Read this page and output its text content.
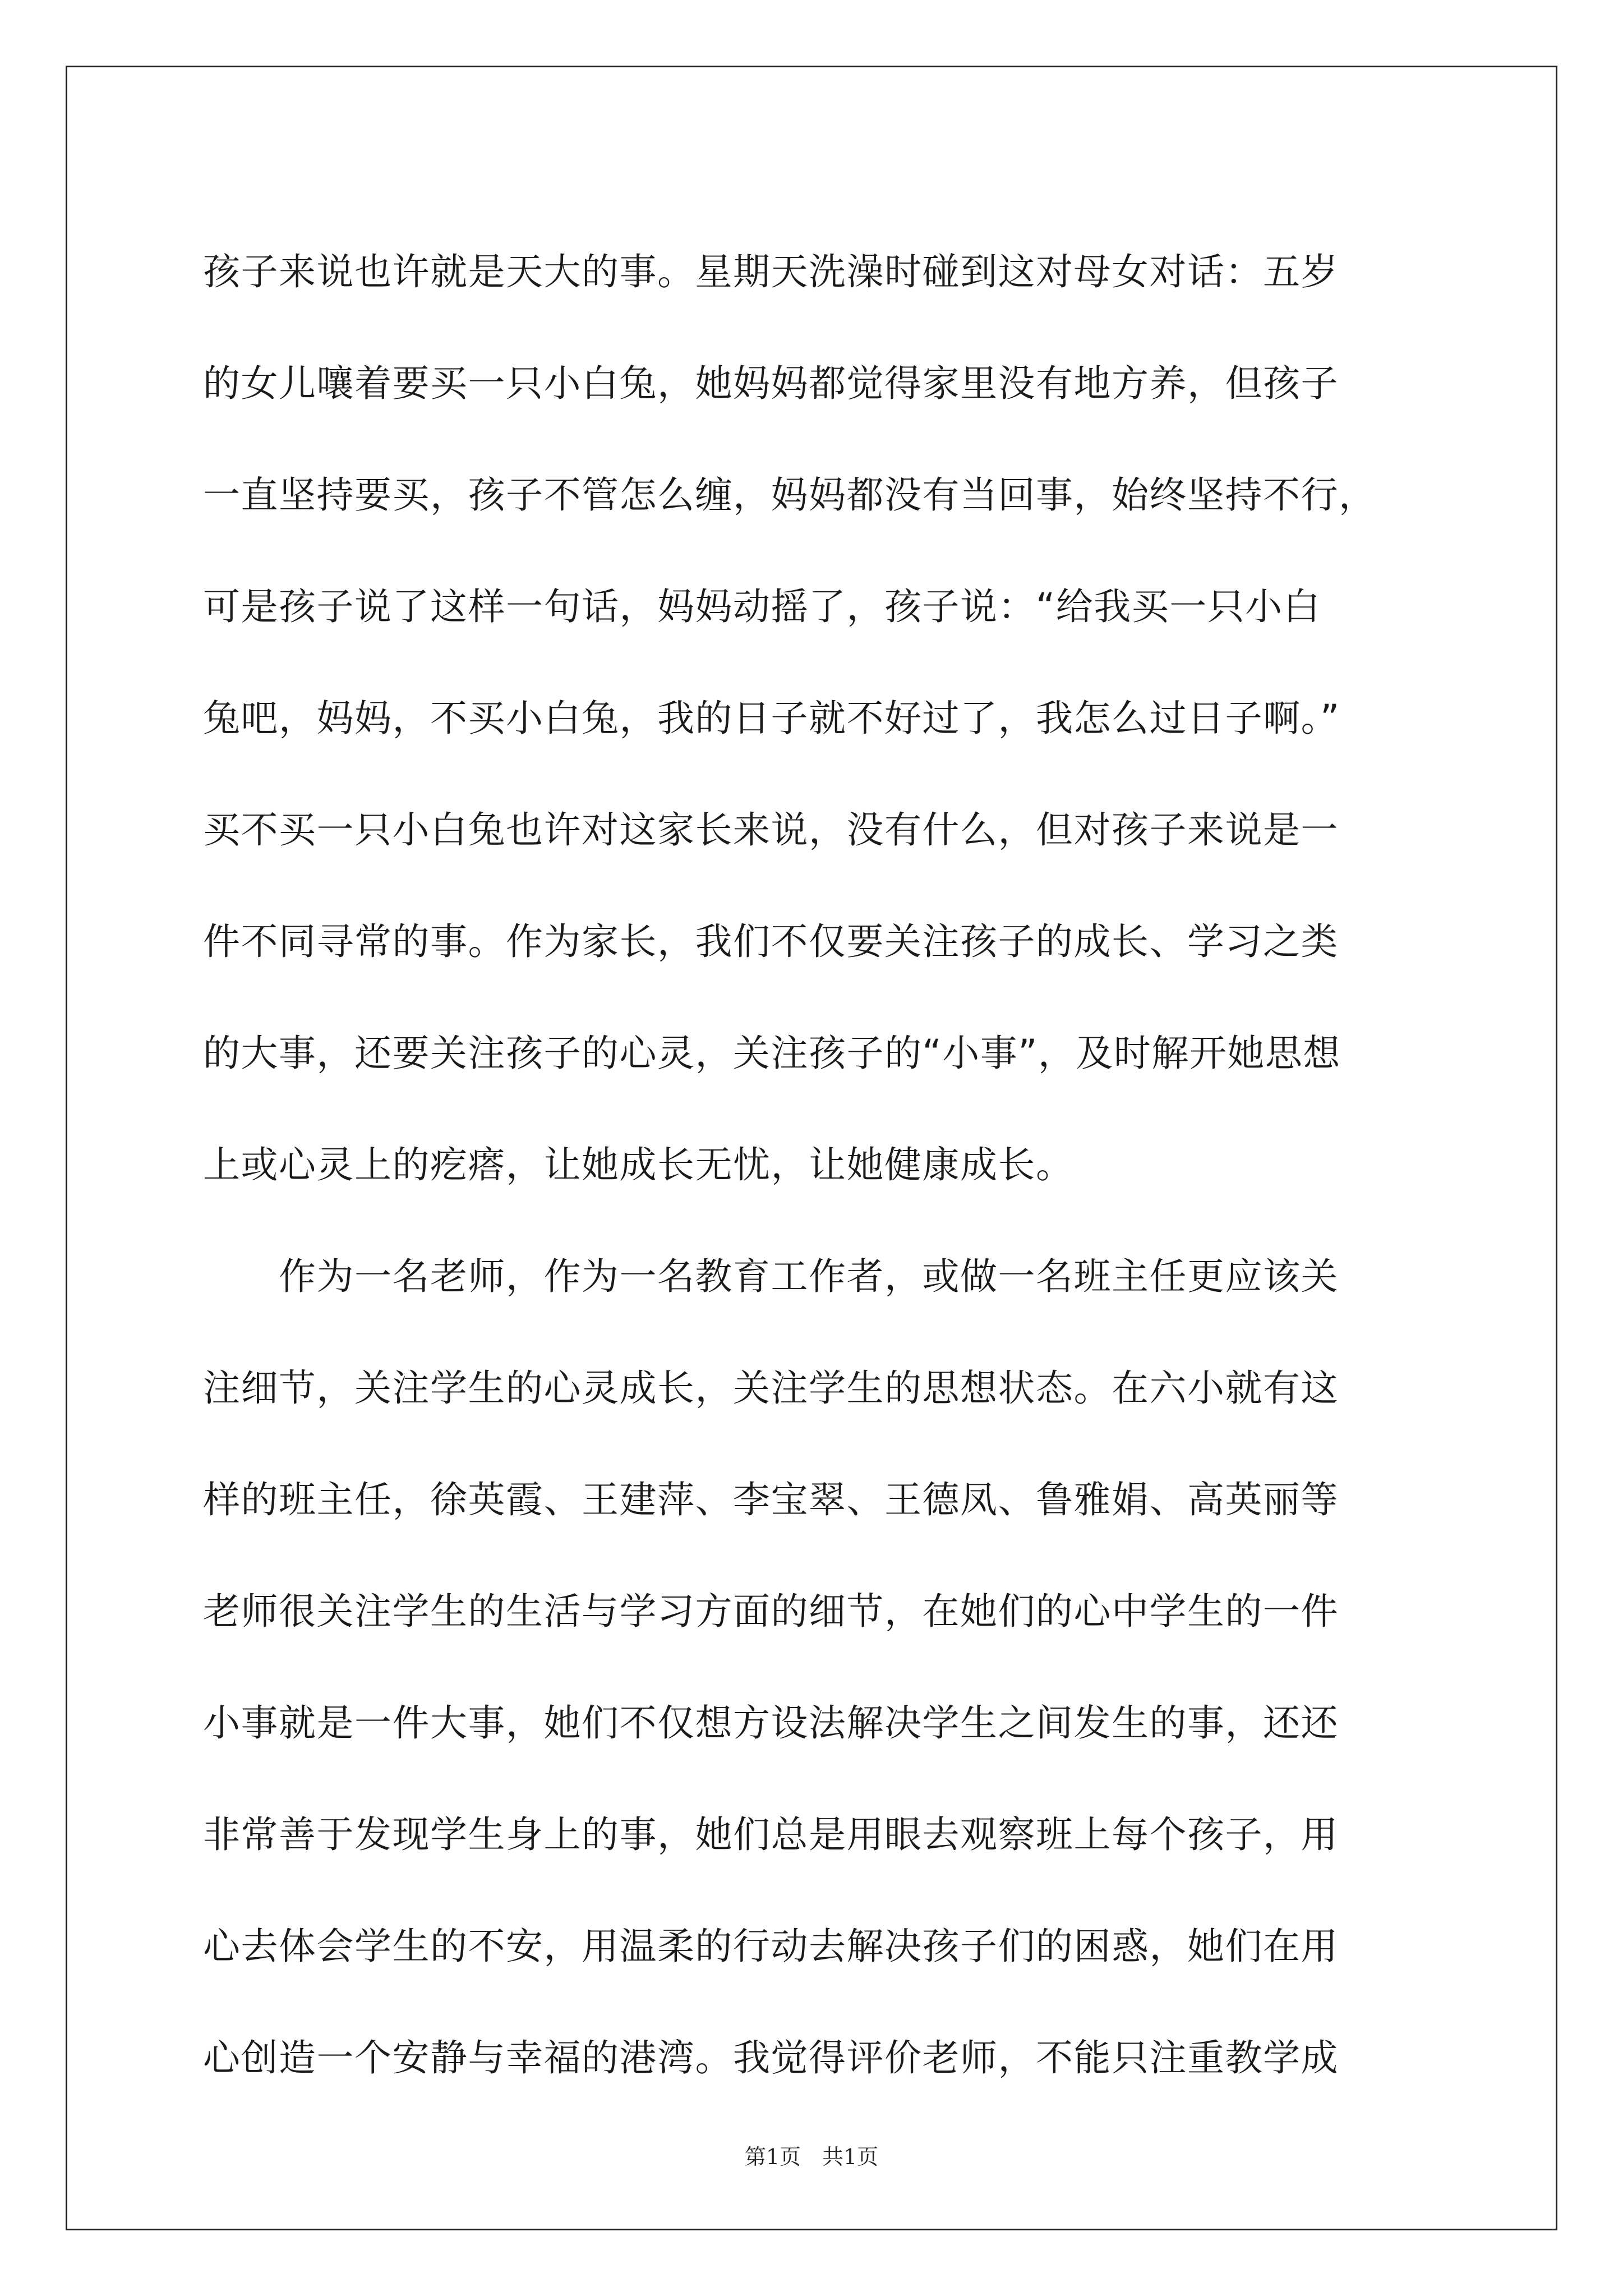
孩子来说也许就是天大的事。星期天洗澡时碰到这对母女对话：五岁
的女儿嚷着要买一只小白兔，她妈妈都觉得家里没有地方养，但孩子
一直坚持要买，孩子不管怎么缠，妈妈都没有当回事，始终坚持不行，
可是孩子说了这样一句话，妈妈动摇了，孩子说：“给我买一只小白
兔吧，妈妈，不买小白兔，我的日子就不好过了，我怎么过日子啊。”
买不买一只小白兔也许对这家长来说，没有什么，但对孩子来说是一
件不同寻常的事。作为家长，我们不仅要关注孩子的成长、学习之类
的大事，还要关注孩子的心灵，关注孩子的“小事”，及时解开她思想
上或心灵上的疙瘩，让她成长无忧，让她健康成长。
　　作为一名老师，作为一名教育工作者，或做一名班主任更应该关
注细节，关注学生的心灵成长，关注学生的思想状态。在六小就有这
样的班主任，徐英霞、王建萍、李宝翠、王德凤、鲁雅娟、高英丽等
老师很关注学生的生活与学习方面的细节，在她们的心中学生的一件
小事就是一件大事，她们不仅想方设法解决学生之间发生的事，还还
非常善于发现学生身上的事，她们总是用眼去观察班上每个孩子，用
心去体会学生的不安，用温柔的行动去解决孩子们的困惑，她们在用
心创造一个安静与幸福的港湾。我觉得评价老师，不能只注重教学成
第1页　共1页
